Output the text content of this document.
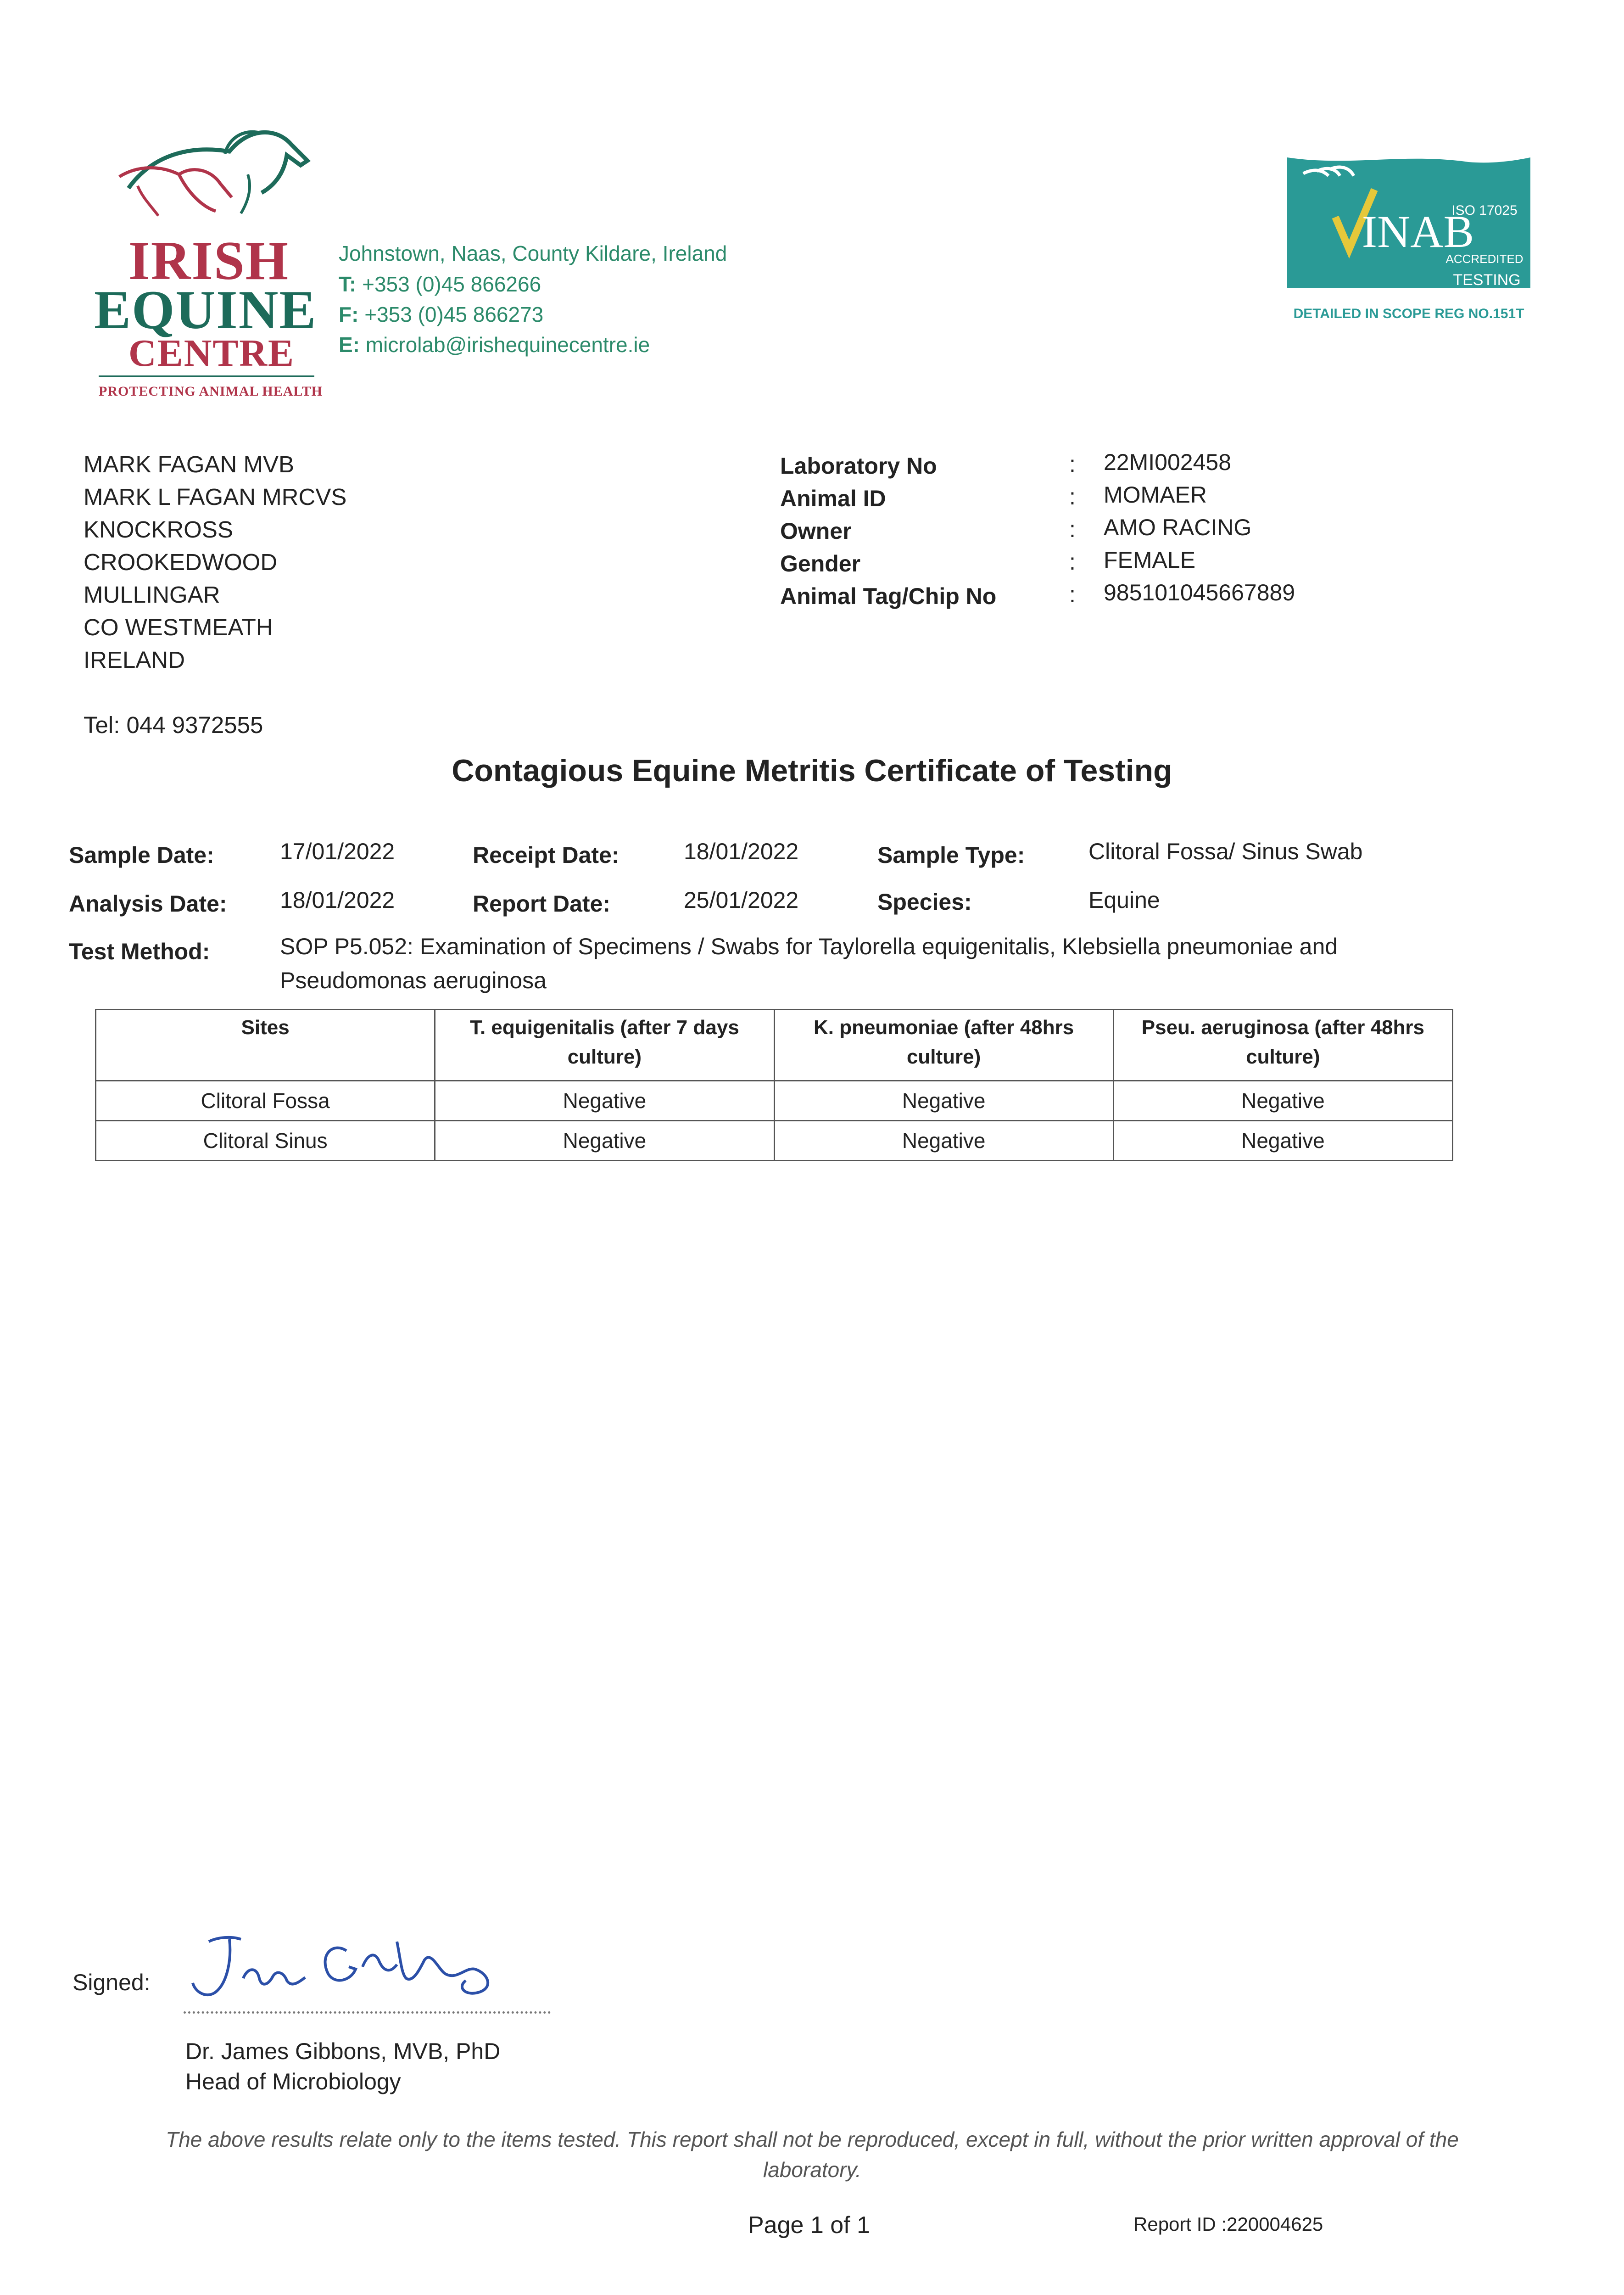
IRISH
EQUINE
CENTRE
PROTECTING ANIMAL HEALTH
Johnstown, Naas, County Kildare, Ireland
T: +353 (0)45 866266
F: +353 (0)45 866273
E: microlab@irishequinecentre.ie
ISO 17025
INAB
ACCREDITED
TESTING
DETAILED IN SCOPE REG NO.151T
MARK FAGAN MVB
MARK L FAGAN MRCVS
KNOCKROSS
CROOKEDWOOD
MULLINGAR
CO WESTMEATH
IRELAND
Tel: 044 9372555
Laboratory No	: 22MI002458
Animal ID	: MOMAER
Owner	: AMO RACING
Gender	: FEMALE
Animal Tag/Chip No	: 985101045667889
Contagious Equine Metritis Certificate of Testing
Sample Date:	17/01/2022	Receipt Date:	18/01/2022	Sample Type:	Clitoral Fossa/ Sinus Swab
Analysis Date: 18/01/2022	Report Date:	25/01/2022	Species:	Equine
Test Method:	SOP P5.052: Examination of Specimens / Swabs for Taylorella equigenitalis, Klebsiella pneumoniae and Pseudomonas aeruginosa
Sites	T. equigenitalis (after 7 days culture)	K. pneumoniae (after 48hrs culture)	Pseu. aeruginosa (after 48hrs culture)
Clitoral Fossa	Negative	Negative	Negative
Clitoral Sinus	Negative	Negative	Negative
Signed:
Dr. James Gibbons, MVB, PhD
Head of Microbiology
The above results relate only to the items tested. This report shall not be reproduced, except in full, without the prior written approval of the laboratory.
Page 1 of 1	Report ID :220004625
